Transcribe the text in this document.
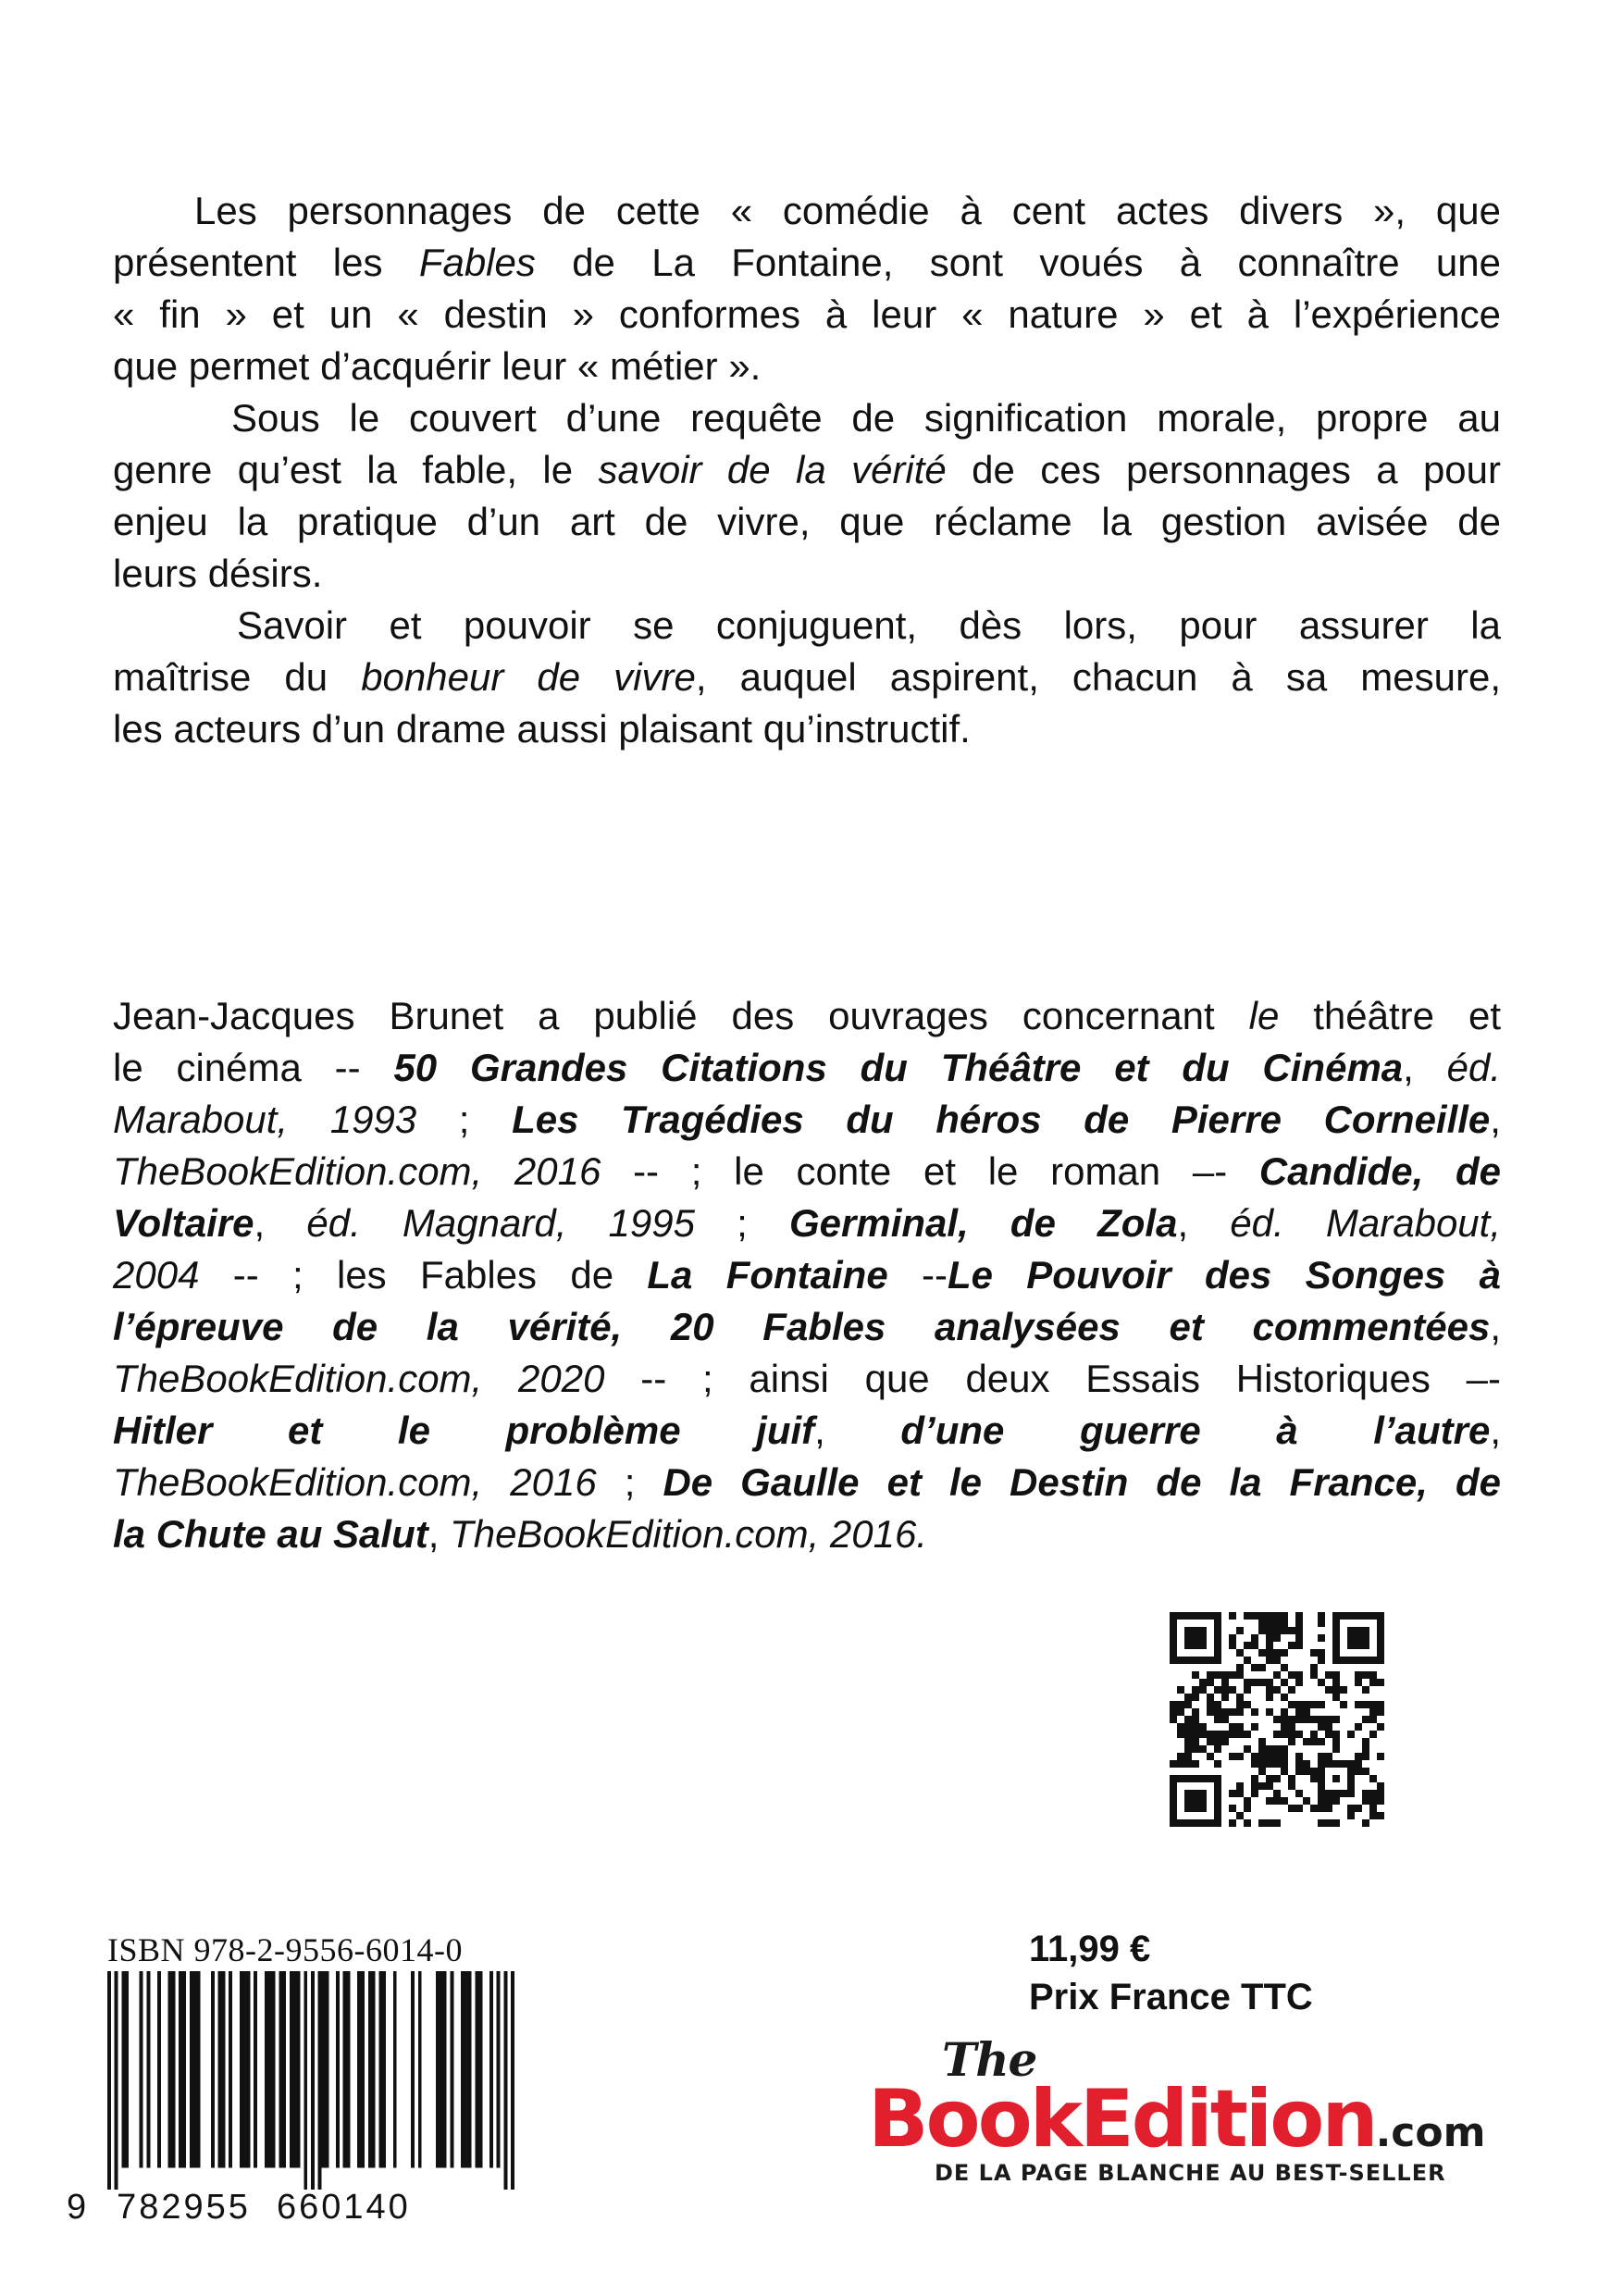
Les personnages de cette « comédie à cent actes divers », que
présentent les Fables de La Fontaine, sont voués à connaître une
« fin » et un « destin » conformes à leur « nature » et à l’expérience
que permet d’acquérir leur « métier ».
Sous le couvert d’une requête de signification morale, propre au
genre qu’est la fable, le savoir de la vérité de ces personnages a pour
enjeu la pratique d’un art de vivre, que réclame la gestion avisée de
leurs désirs.
Savoir et pouvoir se conjuguent, dès lors, pour assurer la
maîtrise du bonheur de vivre, auquel aspirent, chacun à sa mesure,
les acteurs d’un drame aussi plaisant qu’instructif.
Jean-Jacques Brunet a publié des ouvrages concernant le théâtre et
le cinéma -- 50 Grandes Citations du Théâtre et du Cinéma, éd.
Marabout, 1993 ; Les Tragédies du héros de Pierre Corneille,
TheBookEdition.com, 2016 -- ; le conte et le roman –- Candide, de
Voltaire, éd. Magnard, 1995 ; Germinal, de Zola, éd. Marabout,
2004 -- ; les Fables de La Fontaine --Le Pouvoir des Songes à
l’épreuve de la vérité, 20 Fables analysées et commentées,
TheBookEdition.com, 2020 -- ; ainsi que deux Essais Historiques –-
Hitler et le problème juif, d’une guerre à l’autre,
TheBookEdition.com, 2016 ; De Gaulle et le Destin de la France, de
la Chute au Salut, TheBookEdition.com, 2016.
ISBN 978-2-9556-6014-0
9 782955 660140
11,99 €
Prix France TTC
The
BookEdition.com
DE LA PAGE BLANCHE AU BEST-SELLER
